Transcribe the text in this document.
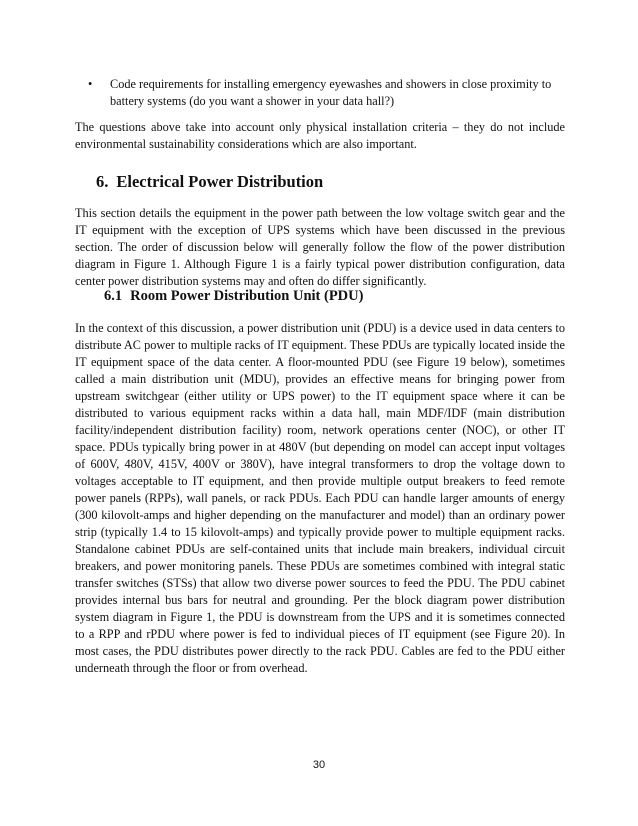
• Code requirements for installing emergency eyewashes and showers in close proximity to battery systems (do you want a shower in your data hall?)

The questions above take into account only physical installation criteria – they do not include environmental sustainability considerations which are also important.

6. Electrical Power Distribution

This section details the equipment in the power path between the low voltage switch gear and the IT equipment with the exception of UPS systems which have been discussed in the previous section. The order of discussion below will generally follow the flow of the power distribution diagram in Figure 1. Although Figure 1 is a fairly typical power distribution configuration, data center power distribution systems may and often do differ significantly.

6.1 Room Power Distribution Unit (PDU)

In the context of this discussion, a power distribution unit (PDU) is a device used in data centers to distribute AC power to multiple racks of IT equipment. These PDUs are typically located inside the IT equipment space of the data center. A floor-mounted PDU (see Figure 19 below), sometimes called a main distribution unit (MDU), provides an effective means for bringing power from upstream switchgear (either utility or UPS power) to the IT equipment space where it can be distributed to various equipment racks within a data hall, main MDF/IDF (main distribution facility/independent distribution facility) room, network operations center (NOC), or other IT space. PDUs typically bring power in at 480V (but depending on model can accept input voltages of 600V, 480V, 415V, 400V or 380V), have integral transformers to drop the voltage down to voltages acceptable to IT equipment, and then provide multiple output breakers to feed remote power panels (RPPs), wall panels, or rack PDUs. Each PDU can handle larger amounts of energy (300 kilovolt-amps and higher depending on the manufacturer and model) than an ordinary power strip (typically 1.4 to 15 kilovolt-amps) and typically provide power to multiple equipment racks. Standalone cabinet PDUs are self-contained units that include main breakers, individual circuit breakers, and power monitoring panels. These PDUs are sometimes combined with integral static transfer switches (STSs) that allow two diverse power sources to feed the PDU. The PDU cabinet provides internal bus bars for neutral and grounding. Per the block diagram power distribution system diagram in Figure 1, the PDU is downstream from the UPS and it is sometimes connected to a RPP and rPDU where power is fed to individual pieces of IT equipment (see Figure 20). In most cases, the PDU distributes power directly to the rack PDU. Cables are fed to the PDU either underneath through the floor or from overhead.

30
